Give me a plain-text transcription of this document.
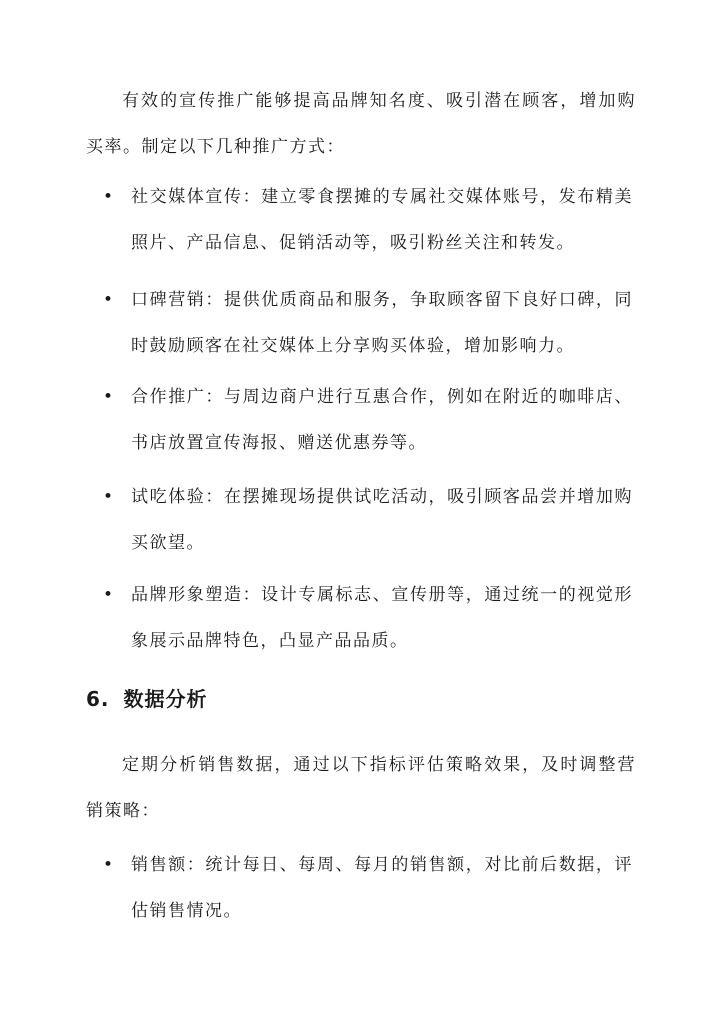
有效的宣传推广能够提高品牌知名度、吸引潜在顾客，增加购买率。制定以下几种推广方式：

• 社交媒体宣传：建立零食摆摊的专属社交媒体账号，发布精美照片、产品信息、促销活动等，吸引粉丝关注和转发。
• 口碑营销：提供优质商品和服务，争取顾客留下良好口碑，同时鼓励顾客在社交媒体上分享购买体验，增加影响力。
• 合作推广：与周边商户进行互惠合作，例如在附近的咖啡店、书店放置宣传海报、赠送优惠券等。
• 试吃体验：在摆摊现场提供试吃活动，吸引顾客品尝并增加购买欲望。
• 品牌形象塑造：设计专属标志、宣传册等，通过统一的视觉形象展示品牌特色，凸显产品品质。
6. 数据分析

定期分析销售数据，通过以下指标评估策略效果，及时调整营销策略：

• 销售额：统计每日、每周、每月的销售额，对比前后数据，评估销售情况。
